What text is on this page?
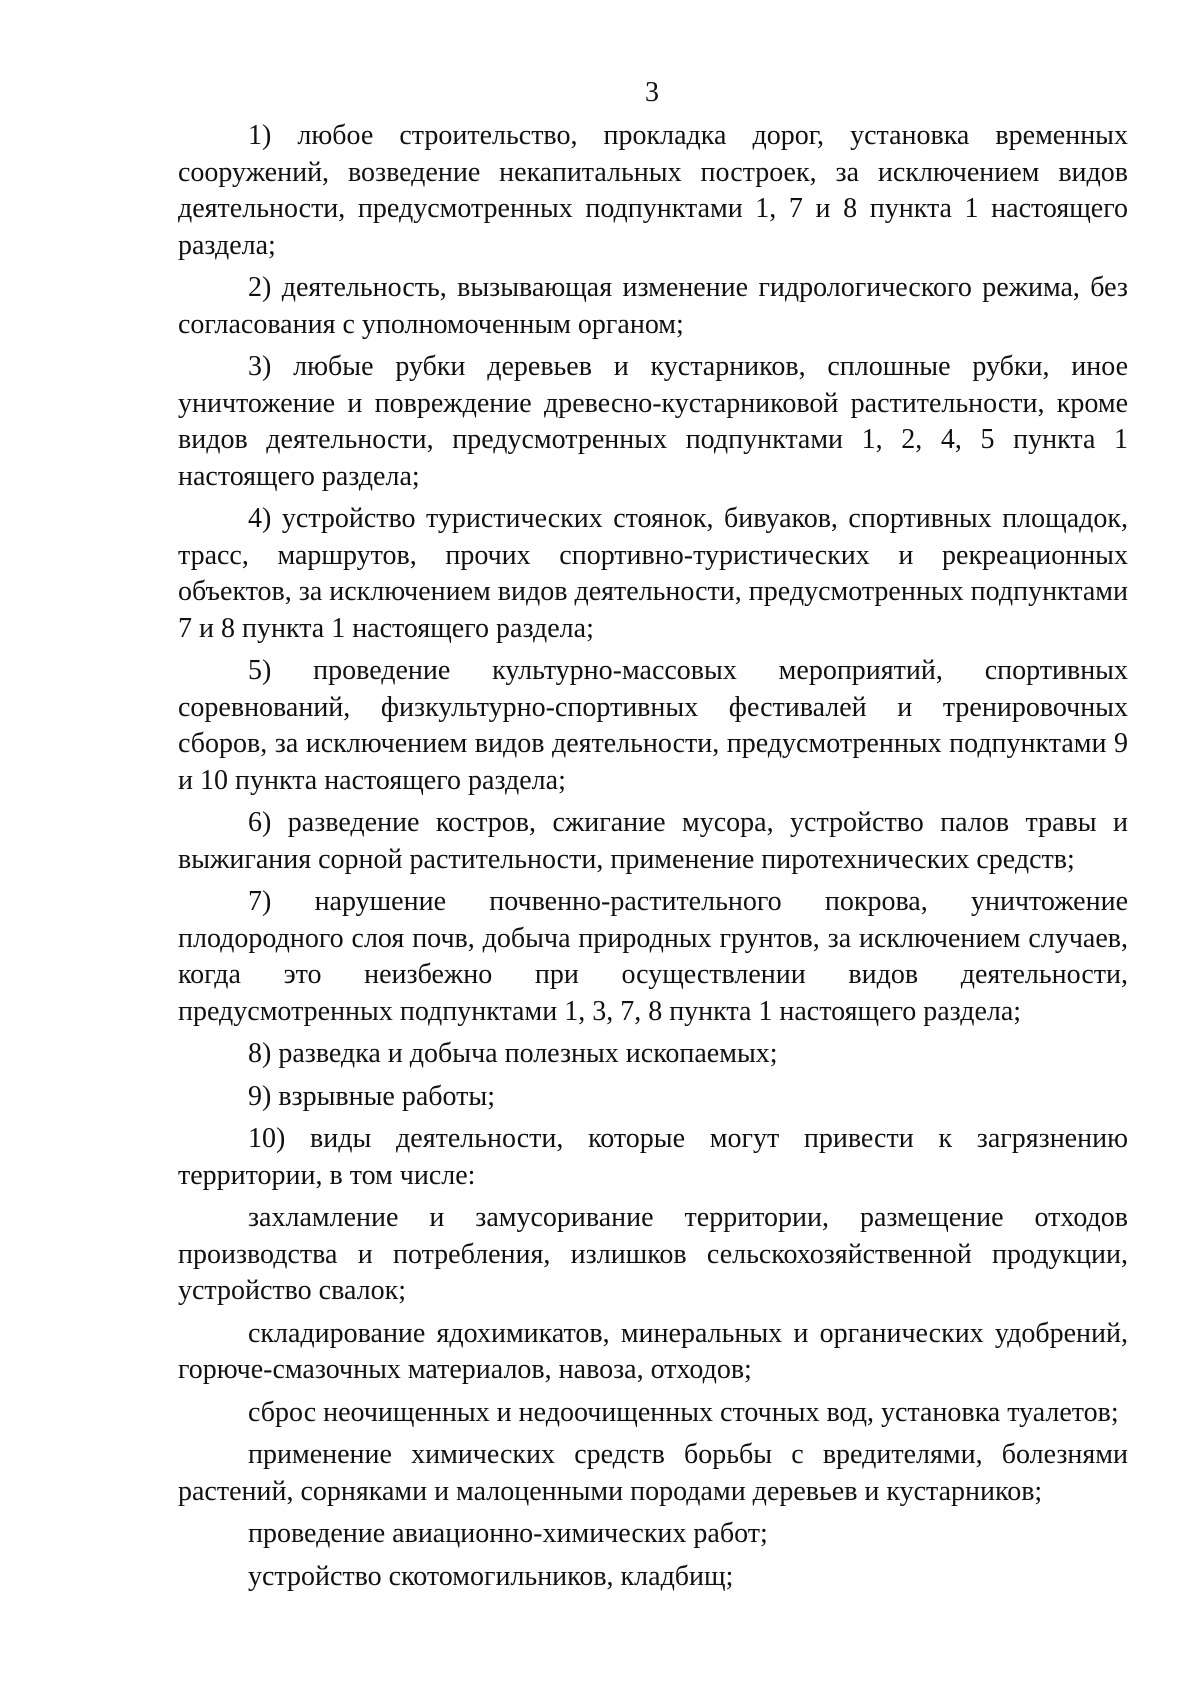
3

1) любое строительство, прокладка дорог, установка временных сооружений, возведение некапитальных построек, за исключением видов деятельности, предусмотренных подпунктами 1, 7 и 8 пункта 1 настоящего раздела;

2) деятельность, вызывающая изменение гидрологического режима, без согласования с уполномоченным органом;

3) любые рубки деревьев и кустарников, сплошные рубки, иное уничтожение и повреждение древесно-кустарниковой растительности, кроме видов деятельности, предусмотренных подпунктами 1, 2, 4, 5 пункта 1 настоящего раздела;

4) устройство туристических стоянок, бивуаков, спортивных площадок, трасс, маршрутов, прочих спортивно-туристических и рекреационных объектов, за исключением видов деятельности, предусмотренных подпунктами 7 и 8 пункта 1 настоящего раздела;

5) проведение культурно-массовых мероприятий, спортивных соревнований, физкультурно-спортивных фестивалей и тренировочных сборов, за исключением видов деятельности, предусмотренных подпунктами 9 и 10 пункта настоящего раздела;

6) разведение костров, сжигание мусора, устройство палов травы и выжигания сорной растительности, применение пиротехнических средств;

7) нарушение почвенно-растительного покрова, уничтожение плодородного слоя почв, добыча природных грунтов, за исключением случаев, когда это неизбежно при осуществлении видов деятельности, предусмотренных подпунктами 1, 3, 7, 8 пункта 1 настоящего раздела;

8) разведка и добыча полезных ископаемых;

9) взрывные работы;

10) виды деятельности, которые могут привести к загрязнению территории, в том числе:

захламление и замусоривание территории, размещение отходов производства и потребления, излишков сельскохозяйственной продукции, устройство свалок;

складирование ядохимикатов, минеральных и органических удобрений, горюче-смазочных материалов, навоза, отходов;

сброс неочищенных и недоочищенных сточных вод, установка туалетов;

применение химических средств борьбы с вредителями, болезнями растений, сорняками и малоценными породами деревьев и кустарников;

проведение авиационно-химических работ;

устройство скотомогильников, кладбищ;
